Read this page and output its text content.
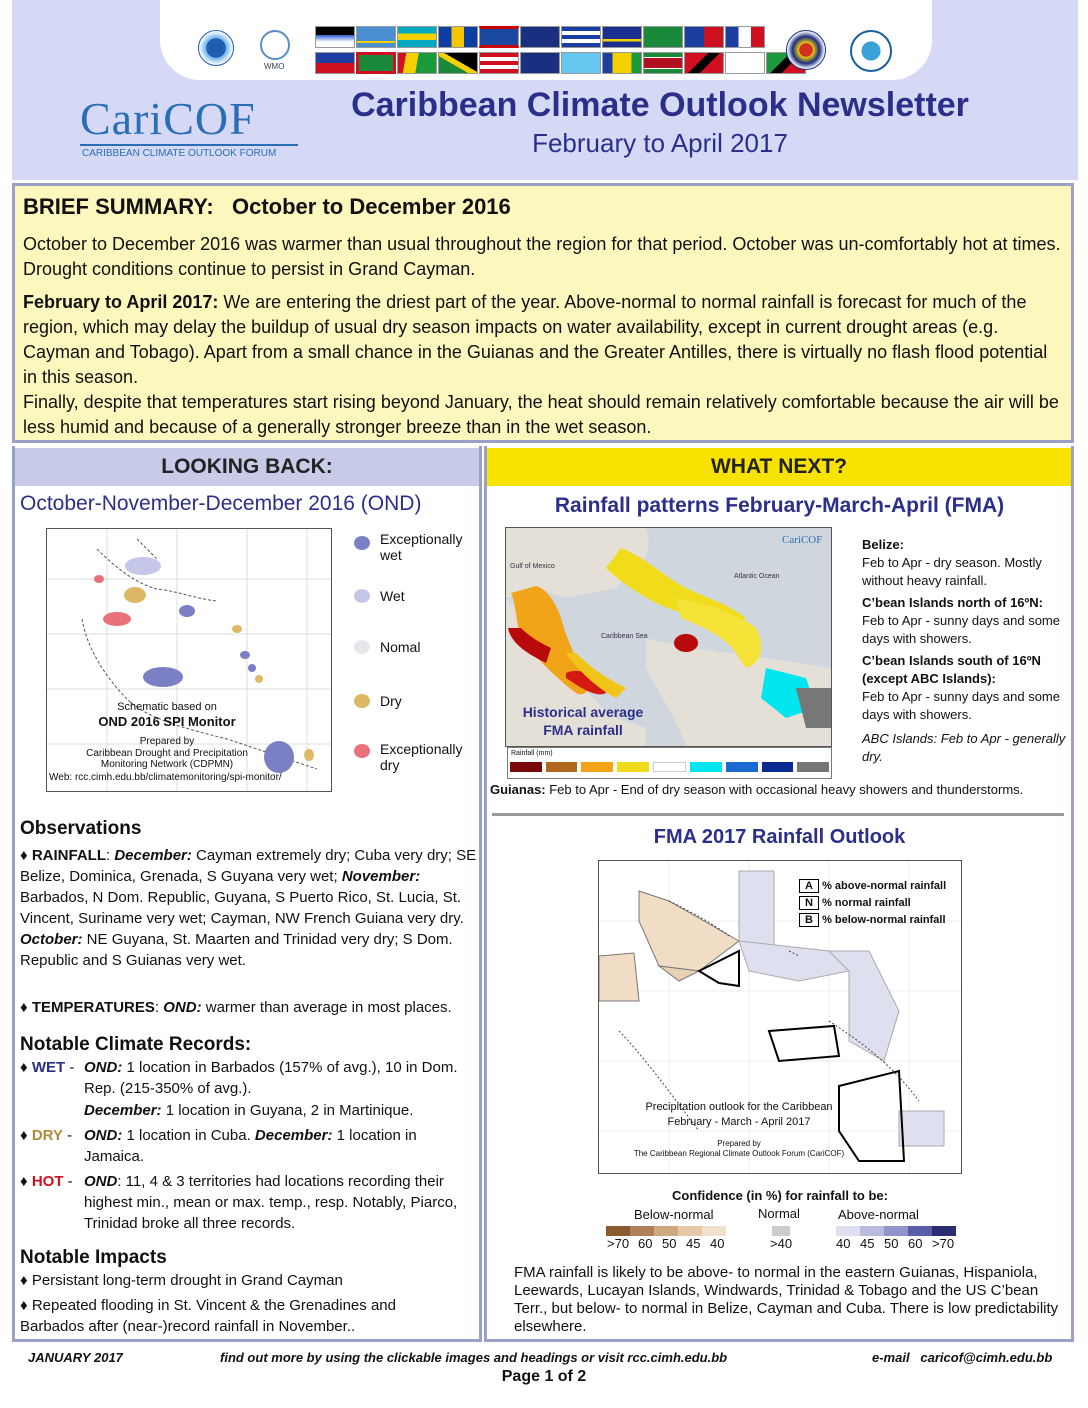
WMO
CariCOF
CARIBBEAN CLIMATE OUTLOOK FORUM
Caribbean Climate Outlook Newsletter
February to April 2017
BRIEF SUMMARY:   October to December 2016
October to December 2016 was warmer than usual throughout the region for that period. October was un-comfortably hot at times. Drought conditions continue to persist in Grand Cayman.
February to April 2017: We are entering the driest part of the year. Above-normal to normal rainfall is forecast for much of the region, which may delay the buildup of usual dry season impacts on water availability, except in current drought areas (e.g. Cayman and Tobago). Apart from a small chance in the Guianas and the Greater Antilles, there is virtually no flash flood potential in this season.
Finally, despite that temperatures start rising beyond January, the heat should remain relatively comfortable because the air will be less humid and because of a generally stronger breeze than in the wet season.
LOOKING BACK:	WHAT NEXT?
October-November-December 2016 (OND)	Rainfall patterns February-March-April (FMA)
Schematic based on
OND 2016 SPI Monitor
Prepared by
Caribbean Drought and Precipitation
Monitoring Network (CDPMN)
Web: rcc.cimh.edu.bb/climatemonitoring/spi-monitor/
Exceptionally wet
Wet
Nomal
Dry
Exceptionally dry
Observations
♦ RAINFALL: December: Cayman extremely dry; Cuba very dry; SE Belize, Dominica, Grenada, S Guyana very wet; November: Barbados, N Dom. Republic, Guyana, S Puerto Rico, St. Lucia, St. Vincent, Suriname very wet; Cayman, NW French Guiana very dry. October: NE Guyana, St. Maarten and Trinidad very dry; S Dom. Republic and S Guianas very wet.
♦ TEMPERATURES: OND: warmer than average in most places.
Notable Climate Records:
♦ WET - OND: 1 location in Barbados (157% of avg.), 10 in Dom. Rep. (215-350% of avg.).
December: 1 location in Guyana, 2 in Martinique.
♦ DRY - OND: 1 location in Cuba. December: 1 location in Jamaica.
♦ HOT - OND: 11, 4 & 3 territories had locations recording their highest min., mean or max. temp., resp. Notably, Piarco, Trinidad broke all three records.
Notable Impacts
♦ Persistant long-term drought in Grand Cayman
♦ Repeated flooding in St. Vincent & the Grenadines and Barbados after (near-)record rainfall in November..
Gulf of Mexico
Atlantic Ocean
Caribbean Sea
Historical average
FMA rainfall
CariCOF
Rainfall (mm)
Belize:
Feb to Apr - dry season. Mostly without heavy rainfall.
C’bean Islands north of 16ºN:
Feb to Apr - sunny days and some days with showers.
C’bean Islands south of 16ºN (except ABC Islands):
Feb to Apr - sunny days and some days with showers.
ABC Islands: Feb to Apr - generally dry.
Guianas: Feb to Apr - End of dry season with occasional heavy showers and thunderstorms.
FMA 2017 Rainfall Outlook
A % above-normal rainfall
N % normal rainfall
B % below-normal rainfall
Precipitation outlook for the Caribbean
February - March - April 2017
Prepared by
The Caribbean Regional Climate Outlook Forum (CariCOF)
Confidence (in %) for rainfall to be:
Below-normal	Normal	Above-normal
>70 60 50 45 40	>40	40 45 50 60 >70
FMA rainfall is likely to be above- to normal in the eastern Guianas, Hispaniola, Leewards, Lucayan Islands, Windwards, Trinidad & Tobago and the US C’bean Terr., but below- to normal in Belize, Cayman and Cuba. There is low predictability elsewhere.
JANUARY 2017	find out more by using the clickable images and headings or visit rcc.cimh.edu.bb	e-mail   caricof@cimh.edu.bb
Page 1 of 2
